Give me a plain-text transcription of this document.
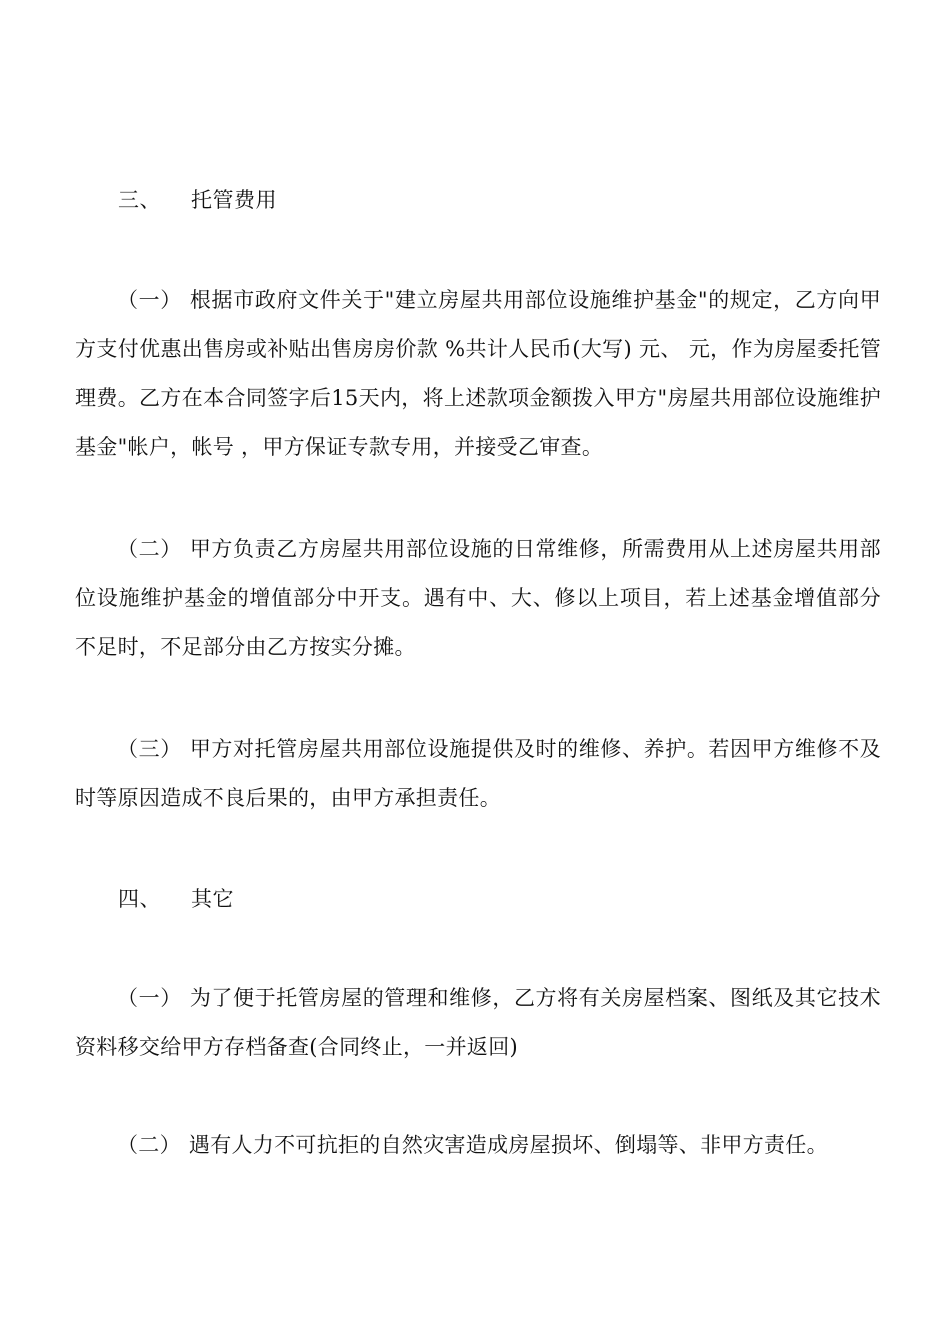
三、 托管费用
（一） 根据市政府文件关于"建立房屋共用部位设施维护基金"的规定，乙方向甲方支付优惠出售房或补贴出售房房价款 %共计人民币(大写) 元、 元，作为房屋委托管理费。乙方在本合同签字后15天内，将上述款项金额拨入甲方"房屋共用部位设施维护基金"帐户，帐号 ，甲方保证专款专用，并接受乙审查。
（二） 甲方负责乙方房屋共用部位设施的日常维修，所需费用从上述房屋共用部位设施维护基金的增值部分中开支。遇有中、大、修以上项目，若上述基金增值部分不足时，不足部分由乙方按实分摊。
（三） 甲方对托管房屋共用部位设施提供及时的维修、养护。若因甲方维修不及时等原因造成不良后果的，由甲方承担责任。
四、 其它
（一） 为了便于托管房屋的管理和维修，乙方将有关房屋档案、图纸及其它技术资料移交给甲方存档备查(合同终止，一并返回)
（二） 遇有人力不可抗拒的自然灾害造成房屋损坏、倒塌等、非甲方责任。
